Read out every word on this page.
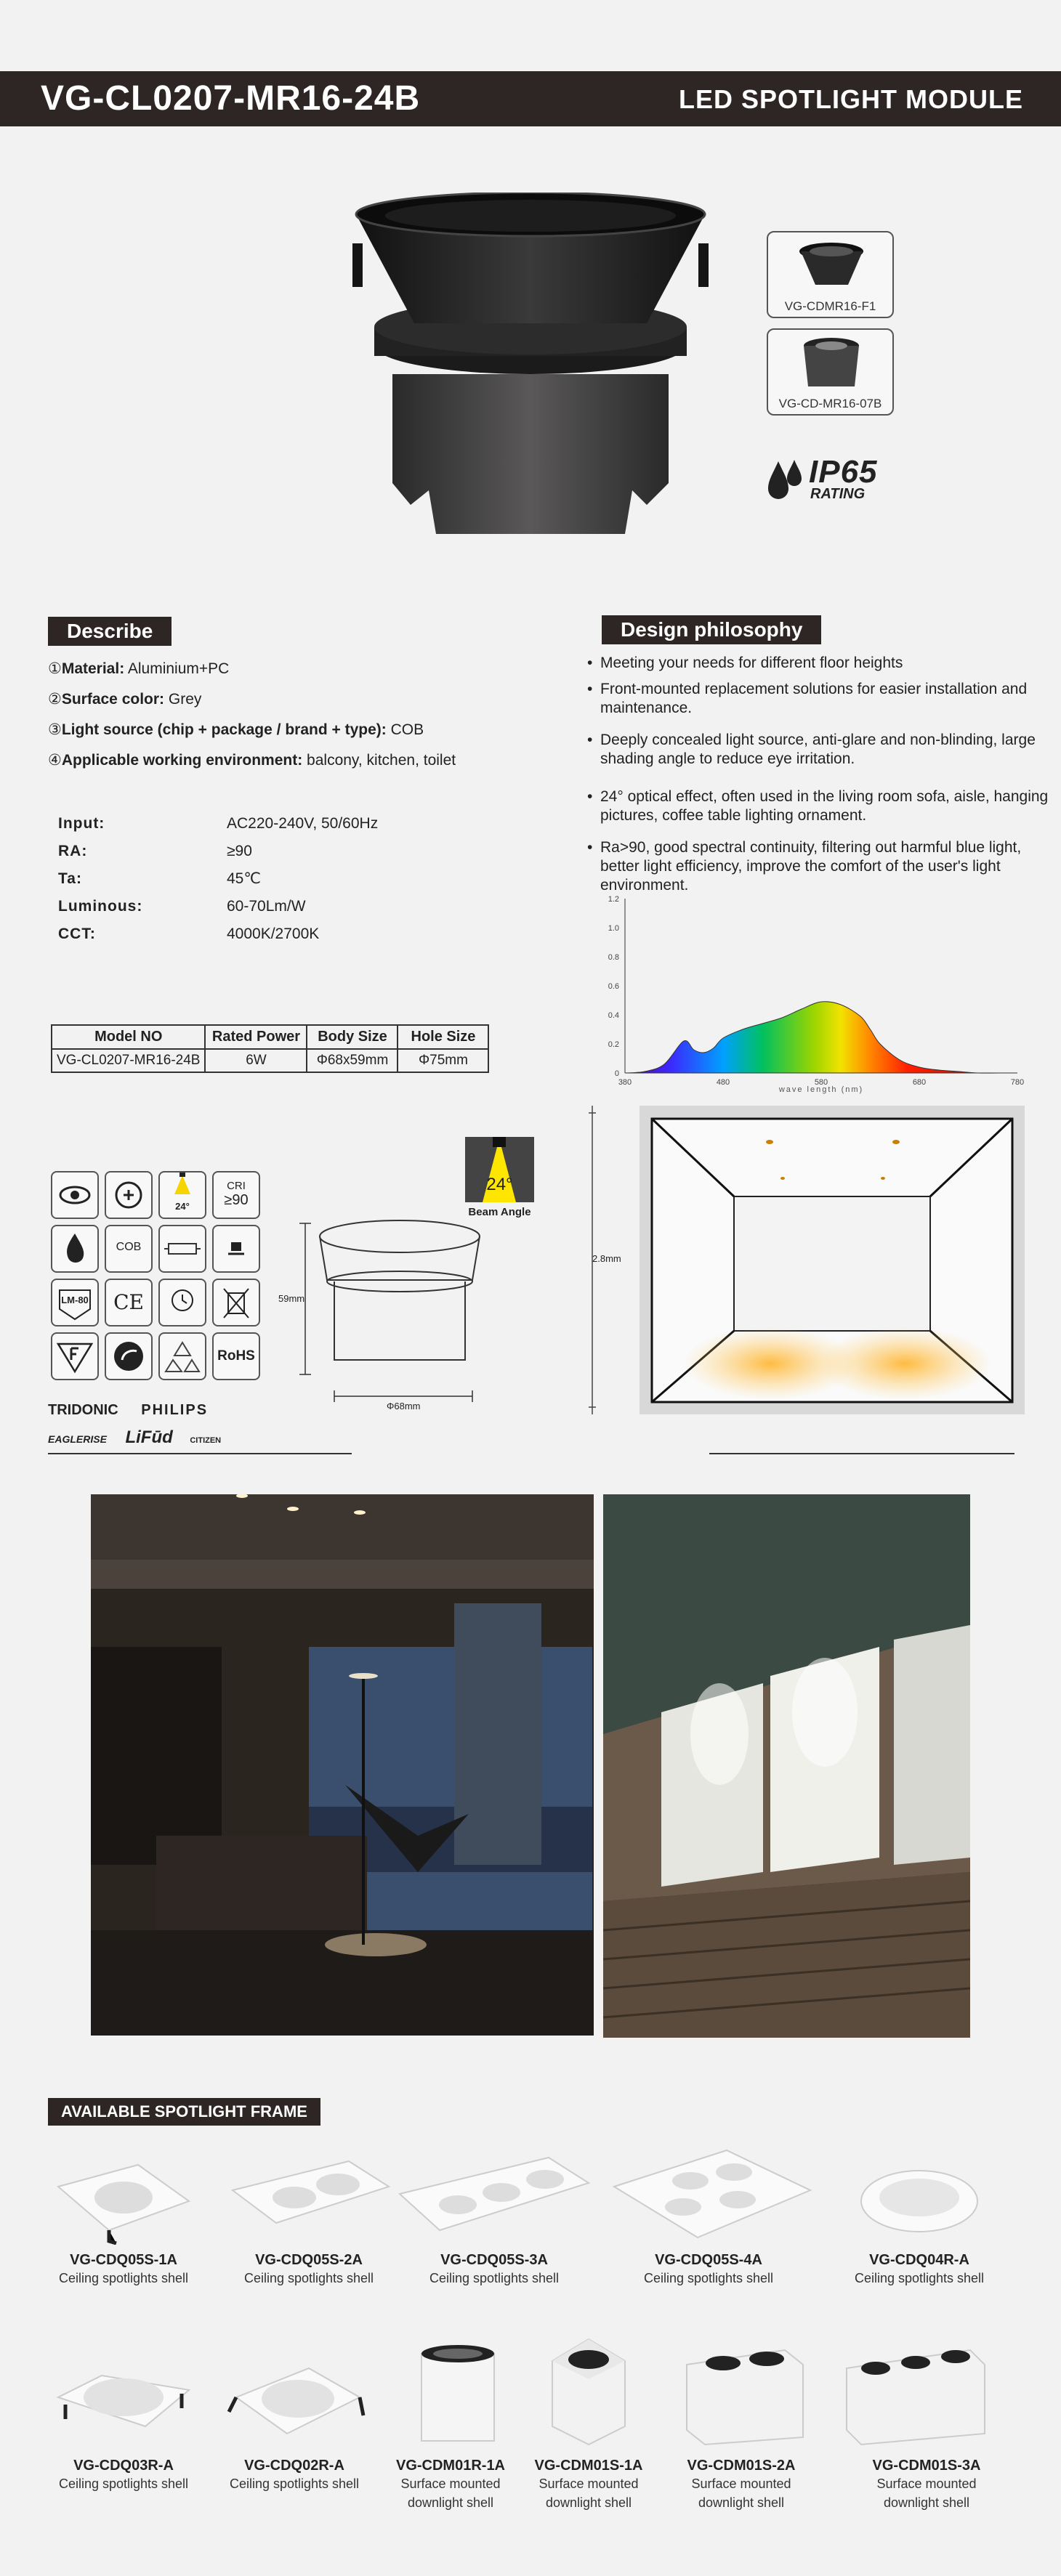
VG-CL0207-MR16-24B	LED SPOTLIGHT MODULE
VG-CDMR16-F1
VG-CD-MR16-07B
IP65
RATING
Describe
①Material: Aluminium+PC
②Surface color: Grey
③Light source (chip + package / brand + type): COB
④Applicable working environment: balcony, kitchen, toilet
Input:	AC220-240V, 50/60Hz
RA:	≥90
Ta:	45℃
Luminous:	60-70Lm/W
CCT:	4000K/2700K
Model NO	Rated Power	Body Size	Hole Size
VG-CL0207-MR16-24B	6W	Φ68x59mm	Φ75mm
Design philosophy
• Meeting your needs for different floor heights
• Front-mounted replacement solutions for easier installation and maintenance.
• Deeply concealed light source, anti-glare and non-blinding, large shading angle to reduce eye irritation.
• 24° optical effect, often used in the living room sofa, aisle, hanging pictures, coffee table lighting ornament.
• Ra>90, good spectral continuity, filtering out harmful blue light, better light efficiency, improve the comfort of the user's light environment.
0
0.2
0.4
0.6
0.8
1.0
1.2
380	480	580	680	780
wave length (nm)
24°
CRI
≥90
COB
LM-80	CE
RoHS
24°
Beam Angle
59mm
Φ68mm
2.8mm
TRIDONIC PHILIPS
EAGLERISE LiFūd CITIZEN
AVAILABLE SPOTLIGHT FRAME
VG-CDQ05S-1A
Ceiling spotlights shell
VG-CDQ05S-2A
Ceiling spotlights shell
VG-CDQ05S-3A
Ceiling spotlights shell
VG-CDQ05S-4A
Ceiling spotlights shell
VG-CDQ04R-A
Ceiling spotlights shell
VG-CDQ03R-A
Ceiling spotlights shell
VG-CDQ02R-A
Ceiling spotlights shell
VG-CDM01R-1A
Surface mounted
downlight shell
VG-CDM01S-1A
Surface mounted
downlight shell
VG-CDM01S-2A
Surface mounted
downlight shell
VG-CDM01S-3A
Surface mounted
downlight shell
